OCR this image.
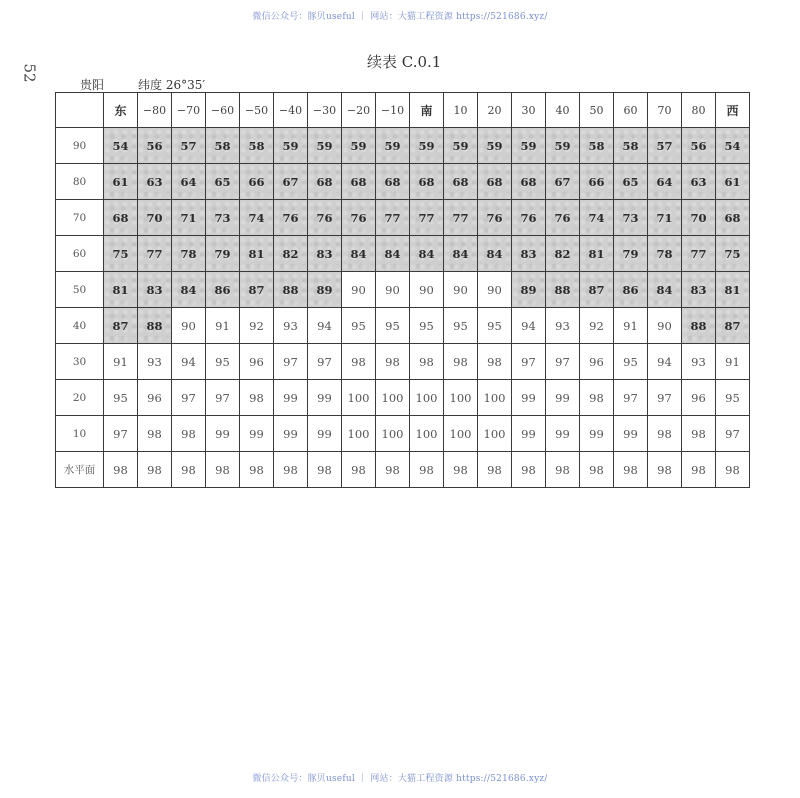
微信公众号：豚贝useful ｜ 网站：大猫工程资源 https://521686.xyz/
52
续表 C.0.1
贵阳	纬度 26°35′
	东	−80	−70	−60	−50	−40	−30	−20	−10	南	10	20	30	40	50	60	70	80	西
90	54	56	57	58	58	59	59	59	59	59	59	59	59	59	58	58	57	56	54
80	61	63	64	65	66	67	68	68	68	68	68	68	68	67	66	65	64	63	61
70	68	70	71	73	74	76	76	76	77	77	77	76	76	76	74	73	71	70	68
60	75	77	78	79	81	82	83	84	84	84	84	84	83	82	81	79	78	77	75
50	81	83	84	86	87	88	89	90	90	90	90	90	89	88	87	86	84	83	81
40	87	88	90	91	92	93	94	95	95	95	95	95	94	93	92	91	90	88	87
30	91	93	94	95	96	97	97	98	98	98	98	98	97	97	96	95	94	93	91
20	95	96	97	97	98	99	99	100	100	100	100	100	99	99	98	97	97	96	95
10	97	98	98	99	99	99	99	100	100	100	100	100	99	99	99	99	98	98	97
水平面	98	98	98	98	98	98	98	98	98	98	98	98	98	98	98	98	98	98	98
微信公众号：豚贝useful ｜ 网站：大猫工程资源 https://521686.xyz/
